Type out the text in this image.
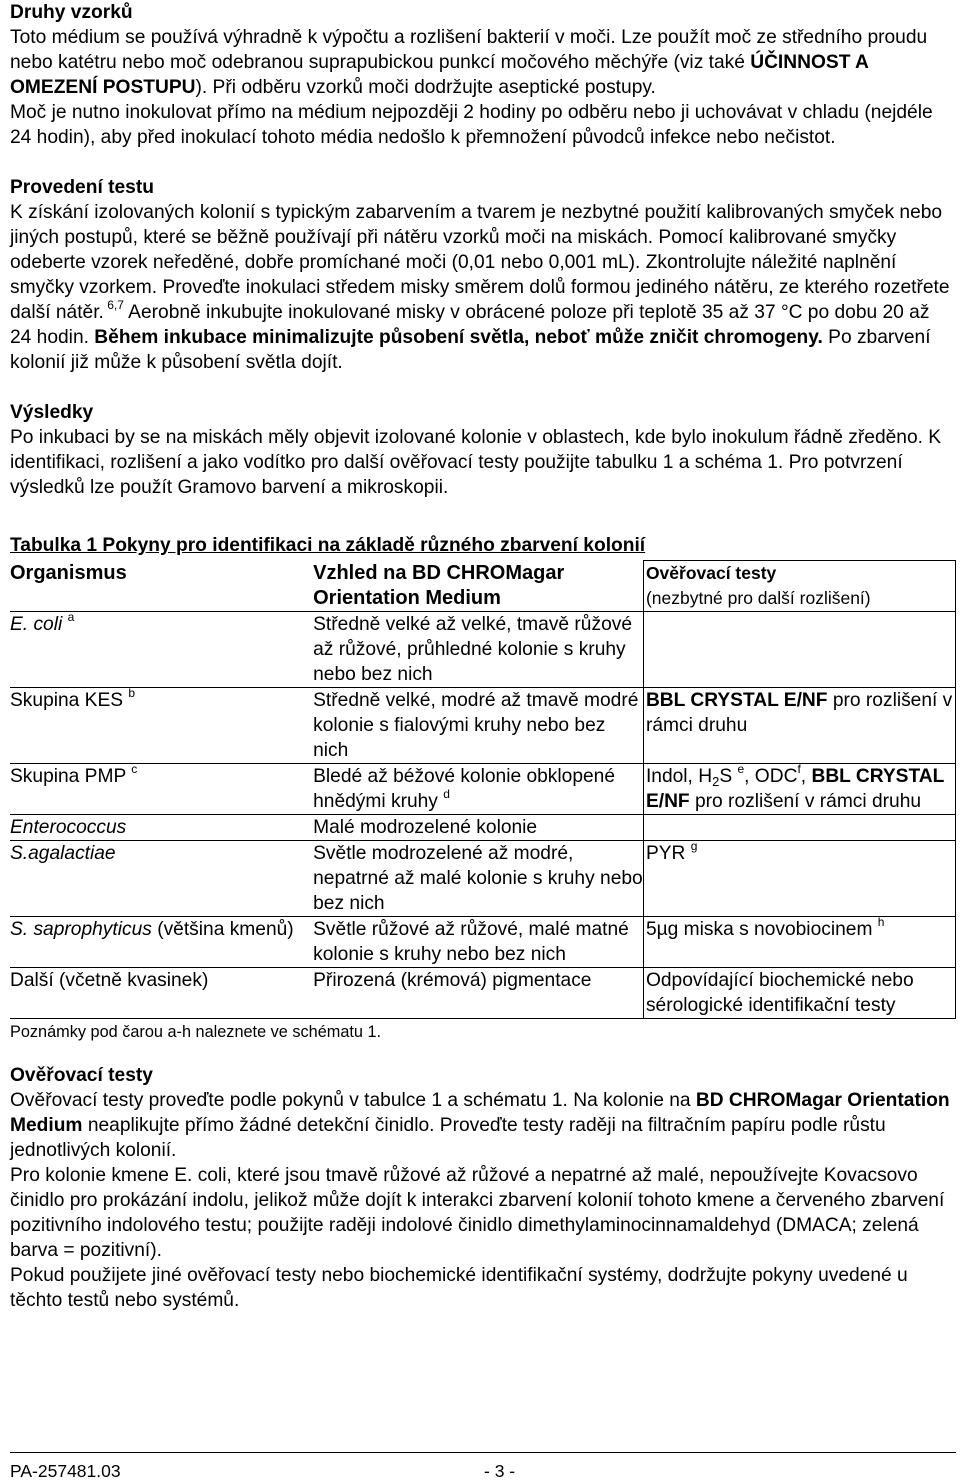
Druhy vzorků

Toto médium se používá výhradně k výpočtu a rozlišení bakterií v moči. Lze použít moč ze středního proudu nebo katétru nebo moč odebranou suprapubickou punkcí močového měchýře (viz také ÚČINNOST A OMEZENÍ POSTUPU). Při odběru vzorků moči dodržujte aseptické postupy.

Moč je nutno inokulovat přímo na médium nejpozději 2 hodiny po odběru nebo ji uchovávat v chladu (nejdéle 24 hodin), aby před inokulací tohoto média nedošlo k přemnožení původců infekce nebo nečistot.

Provedení testu

K získání izolovaných kolonií s typickým zabarvením a tvarem je nezbytné použití kalibrovaných smyček nebo jiných postupů, které se běžně používají při nátěru vzorků moči na miskách. Pomocí kalibrované smyčky odeberte vzorek neředěné, dobře promíchané moči (0,01 nebo 0,001 mL). Zkontrolujte náležité naplnění smyčky vzorkem. Proveďte inokulaci středem misky směrem dolů formou jediného nátěru, ze kterého rozetřete další nátěr. $^{6,7}$ Aerobně inkubujte inokulované misky v obrácené poloze při teplotě 35 až 37 °C po dobu 20 až 24 hodin. Během inkubace minimalizujte působení světla, neboť může zničit chromogeny. Po zbarvení kolonií již může k působení světla dojít.

Výsledky

Po inkubaci by se na miskách měly objevit izolované kolonie v oblastech, kde bylo inokulum řádně zředěno. K identifikaci, rozlišení a jako vodítko pro další ověřovací testy použijte tabulku 1 a schéma 1. Pro potvrzení výsledků lze použít Gramovo barvení a mikroskopii.

Tabulka 1 Pokyny pro identifikaci na základě různého zbarvení kolonií

Organismus	Vzhled na BD CHROMagar Orientation Medium	Ověřovací testy
(nezbytné pro další rozlišení)
E. coli $^a$	Středně velké až velké, tmavě růžové až růžové, průhledné kolonie s kruhy nebo bez nich	
Skupina KES $^b$	Středně velké, modré až tmavě modré kolonie s fialovými kruhy nebo bez nich	BBL CRYSTAL E/NF pro rozlišení v rámci druhu
Skupina PMP $^c$	Bledé až béžové kolonie obklopené hnědými kruhy $^d$	Indol, $H_2S$ $^e$, ODC$^f$, BBL CRYSTAL E/NF pro rozlišení v rámci druhu
Enterococcus	Malé modrozelené kolonie	
S.agalactiae	Světle modrozelené až modré, nepatrné až malé kolonie s kruhy nebo bez nich	PYR $^g$
S. saprophyticus (většina kmenů)	Světle růžové až růžové, malé matné kolonie s kruhy nebo bez nich	5µg miska s novobiocinem $^h$
Další (včetně kvasinek)	Přirozená (krémová) pigmentace	Odpovídající biochemické nebo sérologické identifikační testy

Poznámky pod čarou a-h naleznete ve schématu 1.

Ověřovací testy

Ověřovací testy proveďte podle pokynů v tabulce 1 a schématu 1. Na kolonie na BD CHROMagar Orientation Medium neaplikujte přímo žádné detekční činidlo. Proveďte testy raději na filtračním papíru podle růstu jednotlivých kolonií.

Pro kolonie kmene E. coli, které jsou tmavě růžové až růžové a nepatrné až malé, nepoužívejte Kovacsovo činidlo pro prokázání indolu, jelikož může dojít k interakci zbarvení kolonií tohoto kmene a červeného zbarvení pozitivního indolového testu; použijte raději indolové činidlo dimethylaminocinnamaldehyd (DMACA; zelená barva = pozitivní).

Pokud použijete jiné ověřovací testy nebo biochemické identifikační systémy, dodržujte pokyny uvedené u těchto testů nebo systémů.

PA-257481.03	- 3 -
